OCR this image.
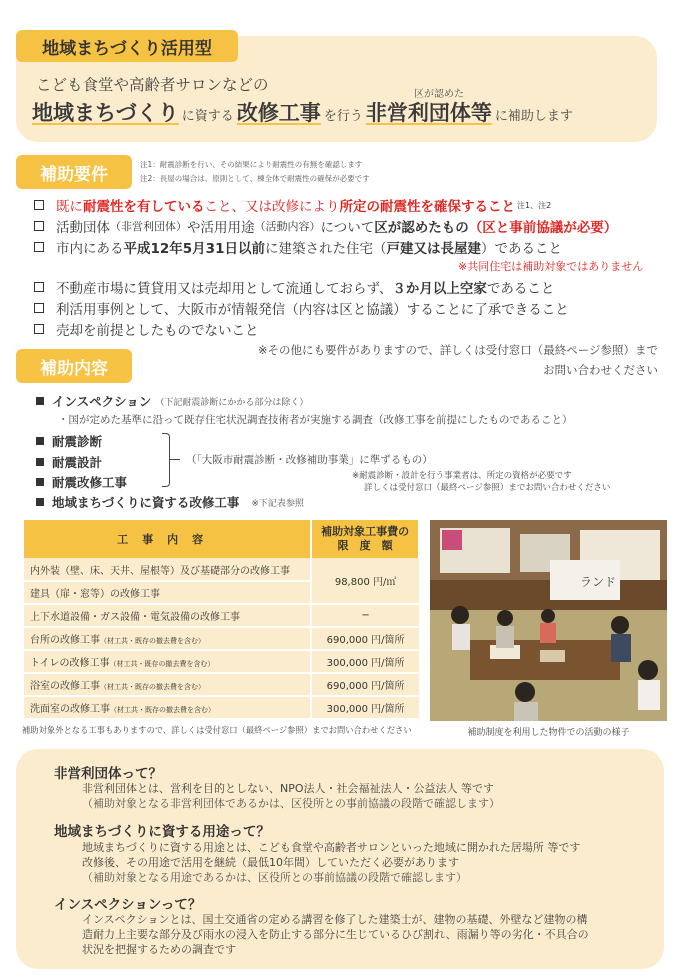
地域まちづくり活用型
こども食堂や高齢者サロンなどの
区が認めた
地域まちづくり に資する 改修工事 を行う 非営利団体等 に補助します
補助要件	注1：耐震診断を行い、その結果により耐震性の有無を確認します
注2：長屋の場合は、原則として、棟全体で耐震性の確保が必要です
既に 耐震性を有している こと、又は改修により 所定の耐震性を確保すること 注1、注2
活動団体 （非営利団体） や活用用途 （活動内容） について 区が認めたもの （区と事前協議が必要）
市内にある 平成12年5月31日以前 に建築された住宅（ 戸建又は長屋建 ）であること
※共同住宅は補助対象ではありません
不動産市場に賃貸用又は売却用として流通しておらず、 ３か月以上空家 であること
利活用事例として、大阪市が情報発信（内容は区と協議）することに了承できること
売却を前提としたものでないこと
※その他にも要件がありますので、詳しくは受付窓口（最終ページ参照）まで
お問い合わせください
補助内容
インスペクション （下記耐震診断にかかる部分は除く）
・国が定めた基準に沿って既存住宅状況調査技術者が実施する調査（改修工事を前提にしたものであること）
耐震診断
耐震設計
耐震改修工事
（「大阪市耐震診断・改修補助事業」に準ずるもの）
※耐震診断・設計を行う事業者は、所定の資格が必要です
詳しくは受付窓口（最終ページ参照）までお問い合わせください
地域まちづくりに資する改修工事 ※下記表参照
工事内容	補助対象工事費の
限　度　額

内外装（壁、床、天井、屋根等）及び基礎部分の改修工事	98,800 円/㎡
建具（扉・窓等）の改修工事	
上下水道設備・ガス設備・電気設備の改修工事	−
台所の改修工事（材工共・既存の撤去費を含む）	690,000 円/箇所
トイレの改修工事（材工共・既存の撤去費を含む）	300,000 円/箇所
浴室の改修工事（材工共・既存の撤去費を含む）	690,000 円/箇所
洗面室の改修工事（材工共・既存の撤去費を含む）	300,000 円/箇所
補助対象外となる工事もありますので、詳しくは受付窓口（最終ページ参照）までお問い合わせください
ランド
補助制度を利用した物件での活動の様子
非営利団体って？
非営利団体とは、営利を目的としない、NPO法人・社会福祉法人・公益法人 等です
（補助対象となる非営利団体であるかは、区役所との事前協議の段階で確認します）
地域まちづくりに資する用途って？
地域まちづくりに資する用途とは、こども食堂や高齢者サロンといった地域に開かれた居場所 等です
改修後、その用途で活用を継続（最低10年間）していただく必要があります
（補助対象となる用途であるかは、区役所との事前協議の段階で確認します）
インスペクションって？
インスペクションとは、国土交通省の定める講習を修了した建築士が、建物の基礎、外壁など建物の構
造耐力上主要な部分及び雨水の浸入を防止する部分に生じているひび割れ、雨漏り等の劣化・不具合の
状況を把握するための調査です
